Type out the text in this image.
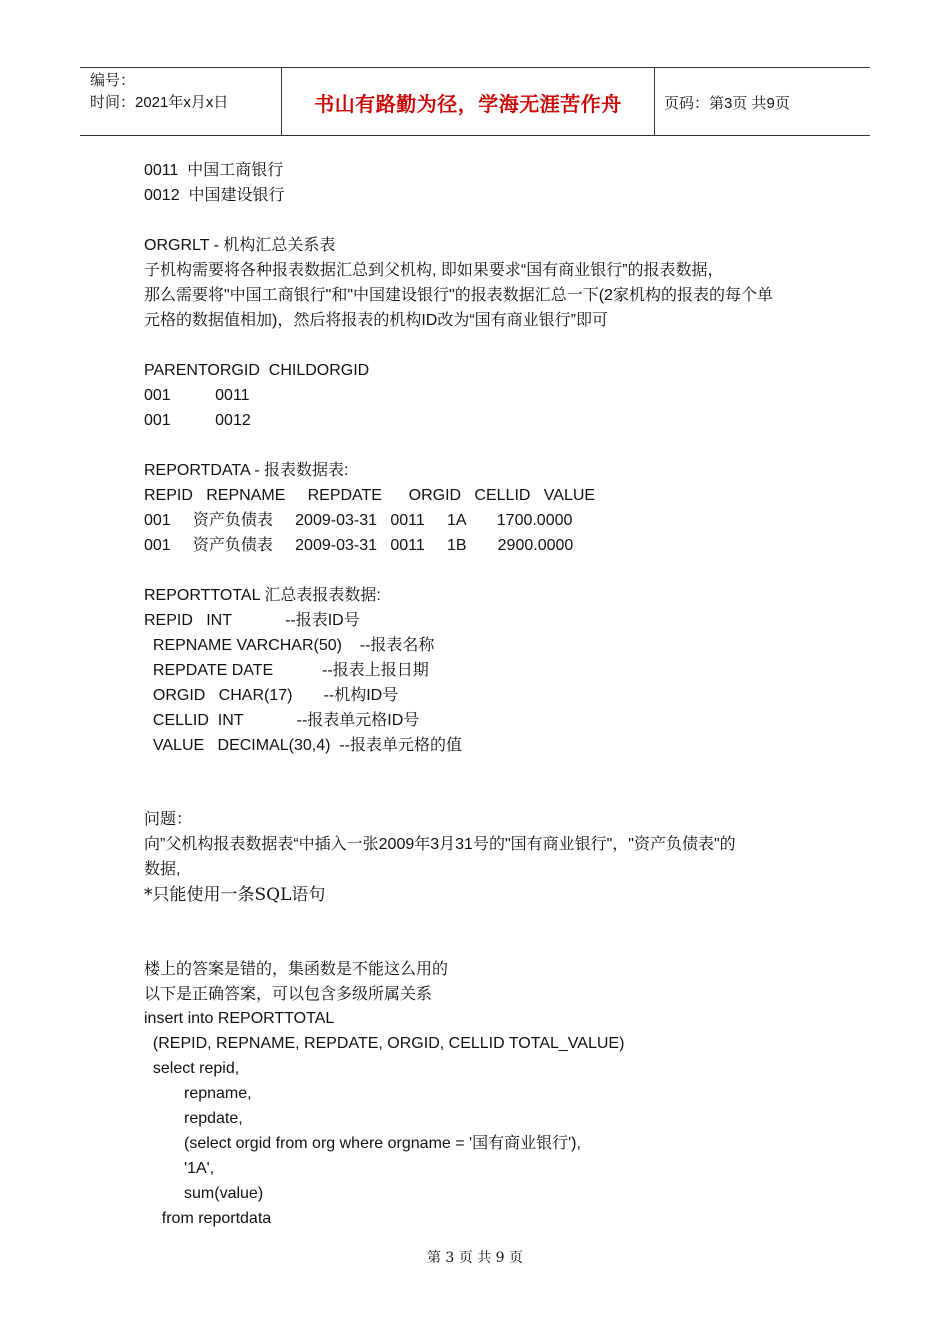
编号：
时间：2021年x月x日	书山有路勤为径，学海无涯苦作舟	页码：第3页 共9页
0011  中国工商银行
0012  中国建设银行
ORGRLT - 机构汇总关系表
子机构需要将各种报表数据汇总到父机构, 即如果要求“国有商业银行”的报表数据，
那么需要将"中国工商银行"和"中国建设银行"的报表数据汇总一下(2家机构的报表的每个单
元格的数据值相加)，然后将报表的机构ID改为“国有商业银行”即可
PARENTORGID  CHILDORGID
001          0011
001          0012
REPORTDATA - 报表数据表:
REPID   REPNAME     REPDATE      ORGID   CELLID   VALUE
001     资产负债表     2009-03-31   0011     1A       1700.0000
001     资产负债表     2009-03-31   0011     1B       2900.0000
REPORTTOTAL 汇总表报表数据:
REPID   INT            --报表ID号
REPNAME VARCHAR(50)    --报表名称
REPDATE DATE           --报表上报日期
ORGID   CHAR(17)       --机构ID号
CELLID  INT            --报表单元格ID号
VALUE   DECIMAL(30,4)  --报表单元格的值
问题：
向”父机构报表数据表“中插入一张2009年3月31号的"国有商业银行"，"资产负债表"的
数据,
*只能使用一条SQL语句
楼上的答案是错的，集函数是不能这么用的
以下是正确答案，可以包含多级所属关系
insert into REPORTTOTAL
(REPID, REPNAME, REPDATE, ORGID, CELLID TOTAL_VALUE)
select repid,
repname,
repdate,
(select orgid from org where orgname = '国有商业银行'),
'1A',
sum(value)
from reportdata
第 3 页 共 9 页
